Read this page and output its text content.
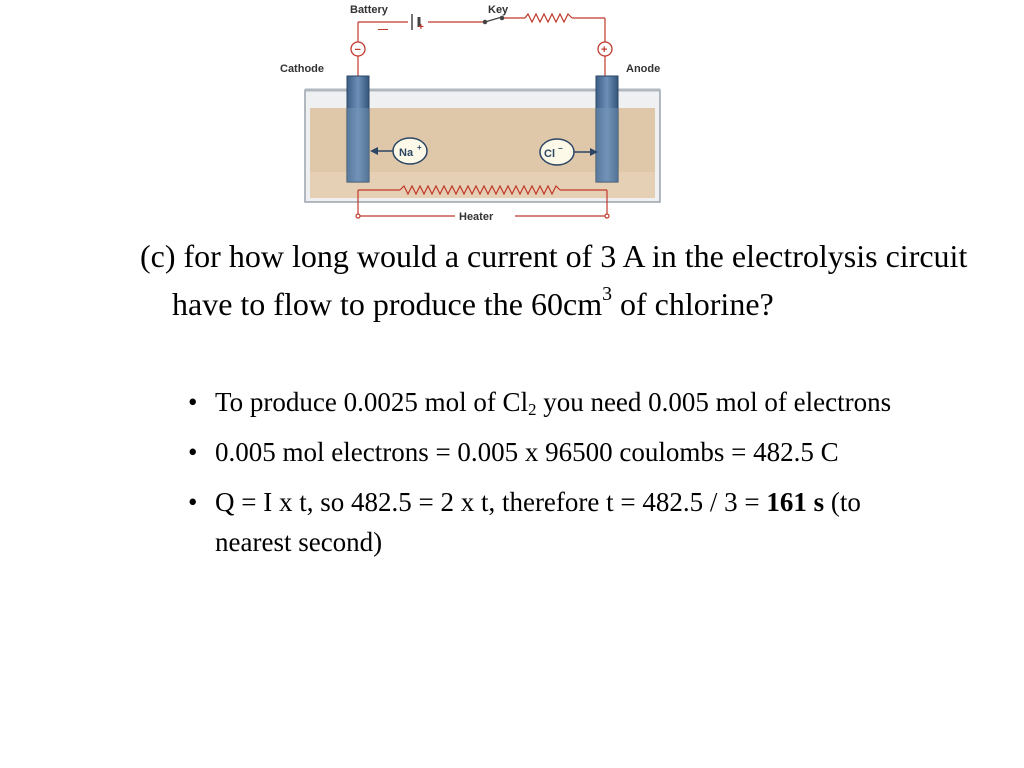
Battery
—	+
Key
−	+
Cathode	Anode
Na +
Cl −
Heater
(c) for how long would a current of 3 A in the electrolysis circuit have to flow to produce the $60cm^3$ of chlorine?
• To produce 0.0025 mol of $Cl_2$ you need 0.005 mol of electrons
• 0.005 mol electrons = 0.005 x 96500 coulombs = 482.5 C
• Q = I x t, so 482.5 = 2 x t, therefore t = 482.5 / 3 = 161 s (to nearest second)
